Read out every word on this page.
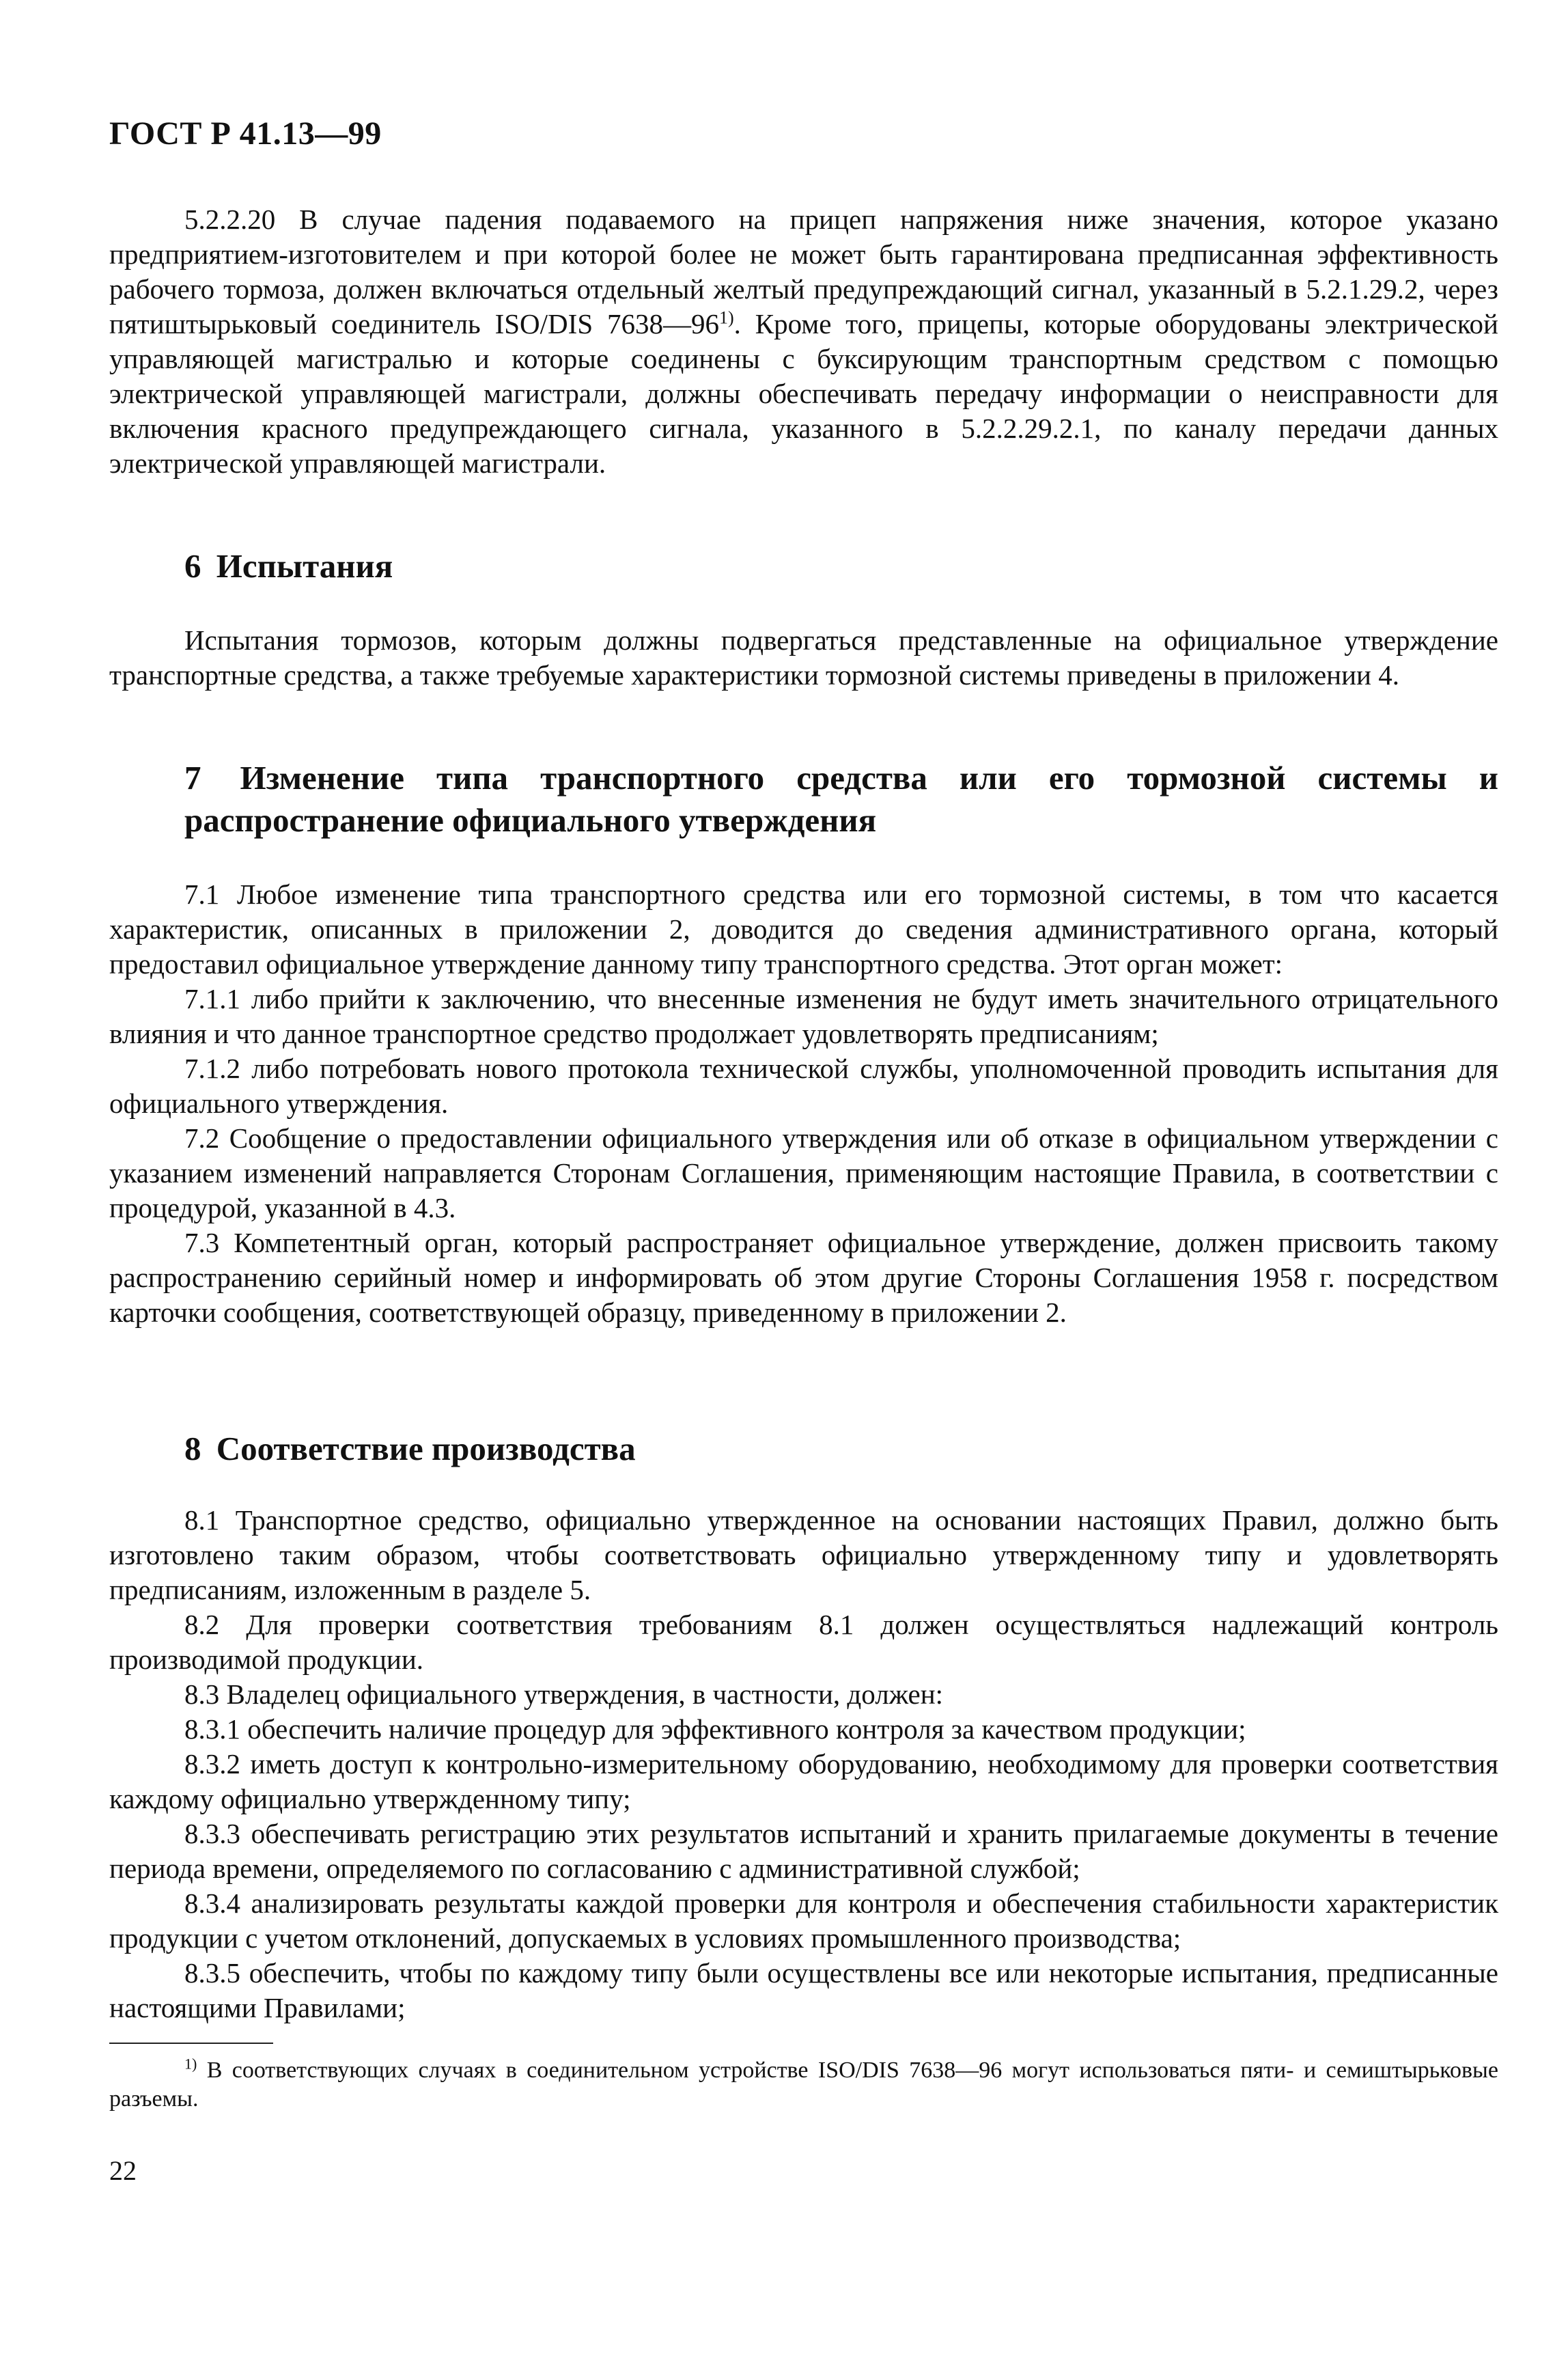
ГОСТ Р 41.13—99

5.2.2.20 В случае падения подаваемого на прицеп напряжения ниже значения, которое указано предприятием-изготовителем и при которой более не может быть гарантирована предписанная эффективность рабочего тормоза, должен включаться отдельный желтый предупреждающий сигнал, указанный в 5.2.1.29.2, через пятиштырьковый соединитель ISO/DIS 7638—96$^{1)}$. Кроме того, прицепы, которые оборудованы электрической управляющей магистралью и которые соединены с буксирующим транспортным средством с помощью электрической управляющей магистрали, должны обеспечивать передачу информации о неисправности для включения красного предупреждающего сигнала, указанного в 5.2.2.29.2.1, по каналу передачи данных электрической управляющей магистрали.

6 Испытания

Испытания тормозов, которым должны подвергаться представленные на официальное утверждение транспортные средства, а также требуемые характеристики тормозной системы приведены в приложении 4.

7 Изменение типа транспортного средства или его тормозной системы и распространение официального утверждения

7.1 Любое изменение типа транспортного средства или его тормозной системы, в том что касается характеристик, описанных в приложении 2, доводится до сведения административного органа, который предоставил официальное утверждение данному типу транспортного средства. Этот орган может:

7.1.1 либо прийти к заключению, что внесенные изменения не будут иметь значительного отрицательного влияния и что данное транспортное средство продолжает удовлетворять предписаниям;

7.1.2 либо потребовать нового протокола технической службы, уполномоченной проводить испытания для официального утверждения.

7.2 Сообщение о предоставлении официального утверждения или об отказе в официальном утверждении с указанием изменений направляется Сторонам Соглашения, применяющим настоящие Правила, в соответствии с процедурой, указанной в 4.3.

7.3 Компетентный орган, который распространяет официальное утверждение, должен присвоить такому распространению серийный номер и информировать об этом другие Стороны Соглашения 1958 г. посредством карточки сообщения, соответствующей образцу, приведенному в приложении 2.

8 Соответствие производства

8.1 Транспортное средство, официально утвержденное на основании настоящих Правил, должно быть изготовлено таким образом, чтобы соответствовать официально утвержденному типу и удовлетворять предписаниям, изложенным в разделе 5.

8.2 Для проверки соответствия требованиям 8.1 должен осуществляться надлежащий контроль производимой продукции.

8.3 Владелец официального утверждения, в частности, должен:

8.3.1 обеспечить наличие процедур для эффективного контроля за качеством продукции;

8.3.2 иметь доступ к контрольно-измерительному оборудованию, необходимому для проверки соответствия каждому официально утвержденному типу;

8.3.3 обеспечивать регистрацию этих результатов испытаний и хранить прилагаемые документы в течение периода времени, определяемого по согласованию с административной службой;

8.3.4 анализировать результаты каждой проверки для контроля и обеспечения стабильности характеристик продукции с учетом отклонений, допускаемых в условиях промышленного производства;

8.3.5 обеспечить, чтобы по каждому типу были осуществлены все или некоторые испытания, предписанные настоящими Правилами;

$^{1)}$ В соответствующих случаях в соединительном устройстве ISO/DIS 7638—96 могут использоваться пяти- и семиштырьковые разъемы.
22
